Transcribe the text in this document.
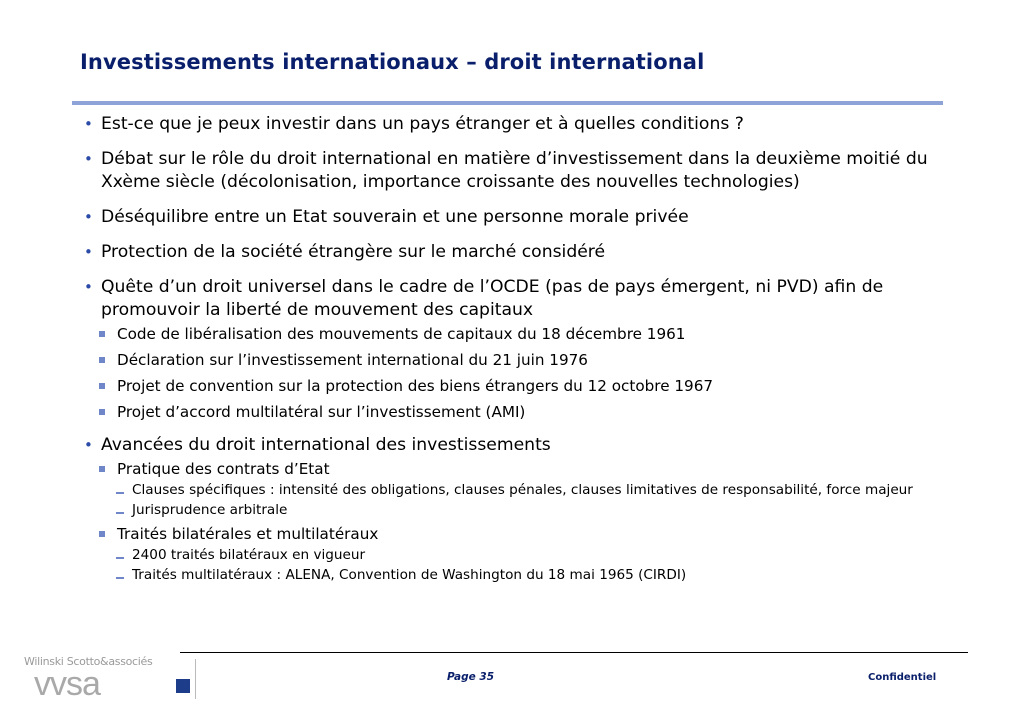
Investissements internationaux – droit international
• Est-ce que je peux investir dans un pays étranger et à quelles conditions ?
• Débat sur le rôle du droit international en matière d’investissement dans la deuxième moitié du Xxème siècle (décolonisation, importance croissante des nouvelles technologies)
• Déséquilibre entre un Etat souverain et une personne morale privée
• Protection de la société étrangère sur le marché considéré
• Quête d’un droit universel dans le cadre de l’OCDE (pas de pays émergent, ni PVD) afin de promouvoir la liberté de mouvement des capitaux
Code de libéralisation des mouvements de capitaux du 18 décembre 1961
Déclaration sur l’investissement international du 21 juin 1976
Projet de convention sur la protection des biens étrangers du 12 octobre 1967
Projet d’accord multilatéral sur l’investissement (AMI)
• Avancées du droit international des investissements
Pratique des contrats d’Etat
Clauses spécifiques : intensité des obligations, clauses pénales, clauses limitatives de responsabilité, force majeur
Jurisprudence arbitrale
Traités bilatérales et multilatéraux
2400 traités bilatéraux en vigueur
Traités multilatéraux : ALENA, Convention de Washington du 18 mai 1965 (CIRDI)
Wilinski Scotto&associés
vvsa	Page 35	Confidentiel
